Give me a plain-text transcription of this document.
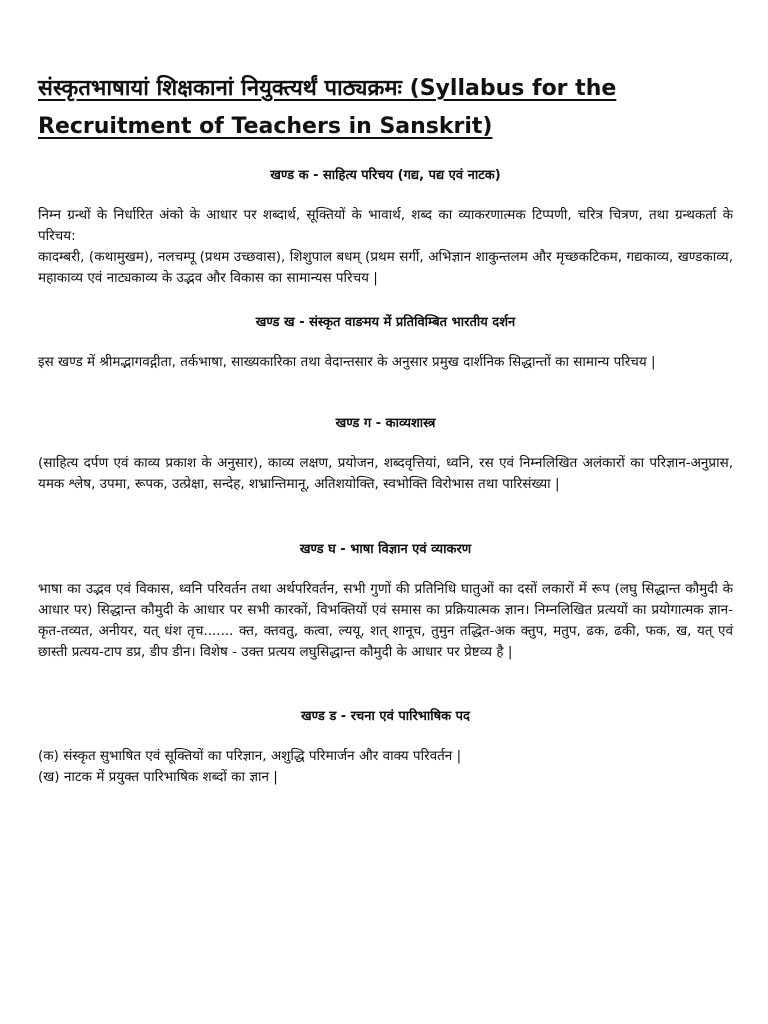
संस्कृतभाषायां शिक्षकानां नियुक्त्यर्थं पाठ्यक्रमः (Syllabus for the Recruitment of Teachers in Sanskrit)
खण्ड क - साहित्य परिचय (गद्य, पद्य एवं नाटक)

निम्न ग्रन्थों के निर्धारित अंको के आधार पर शब्दार्थ, सूक्तियों के भावार्थ, शब्द का व्याकरणात्मक टिप्पणी, चरित्र चित्रण, तथा ग्रन्थकर्ता के परिचय:

कादम्बरी, (कथामुखम), नलचम्पू (प्रथम उच्छवास), शिशुपाल बधम् (प्रथम सर्गी, अभिज्ञान शाकुन्तलम और मृच्छकटिकम, गद्यकाव्य, खण्डकाव्य, महाकाव्य एवं नाट्यकाव्य के उद्भव और विकास का सामान्यस परिचय |

खण्ड ख - संस्कृत वाङमय में प्रतिविम्बित भारतीय दर्शन

इस खण्ड में श्रीमद्भागवद्गीता, तर्कभाषा, साख्यकारिका तथा वेदान्तसार के अनुसार प्रमुख दार्शनिक सिद्धान्तों का सामान्य परिचय |

खण्ड ग - काव्यशास्त्र

(साहित्य दर्पण एवं काव्य प्रकाश के अनुसार), काव्य लक्षण, प्रयोजन, शब्दवृत्तियां, ध्वनि, रस एवं निम्नलिखित अलंकारों का परिज्ञान-अनुप्रास, यमक श्लेष, उपमा, रूपक, उत्प्रेक्षा, सन्देह, शभ्रान्तिमानू, अतिशयोक्ति, स्वभोक्ति विरोभास तथा पारिसंख्या |

खण्ड घ - भाषा विज्ञान एवं व्याकरण

भाषा का उद्भव एवं विकास, ध्वनि परिवर्तन तथा अर्थपरिवर्तन, सभी गुणों की प्रतिनिधि घातुओं का दसों लकारों में रूप (लघु सिद्धान्त कौमुदी के आधार पर) सिद्धान्त कौमुदी के आधार पर सभी कारकों, विभक्तियों एवं समास का प्रक्रियात्मक ज्ञान। निम्नलिखित प्रत्ययों का प्रयोगात्मक ज्ञान-कृत-तव्यत, अनीयर, यत् धंश तृच....... क्त, क्तवतु, कत्वा, ल्ययू, शत् शानूच, तुमुन तद्धित-अक क्तुप, मतुप, ढक, ढकी, फक, ख, यत् एवं छास्ती प्रत्यय-टाप डप्र, डीप डीन। विशेष - उक्त प्रत्यय लघुसिद्धान्त कौमुदी के आधार पर प्रेष्टव्य है |

खण्ड ड - रचना एवं पारिभाषिक पद

(क) संस्कृत सुभाषित एवं सूक्तियों का परिज्ञान, अशुद्धि परिमार्जन और वाक्य परिवर्तन |

(ख) नाटक में प्रयुक्त पारिभाषिक शब्दों का ज्ञान |
